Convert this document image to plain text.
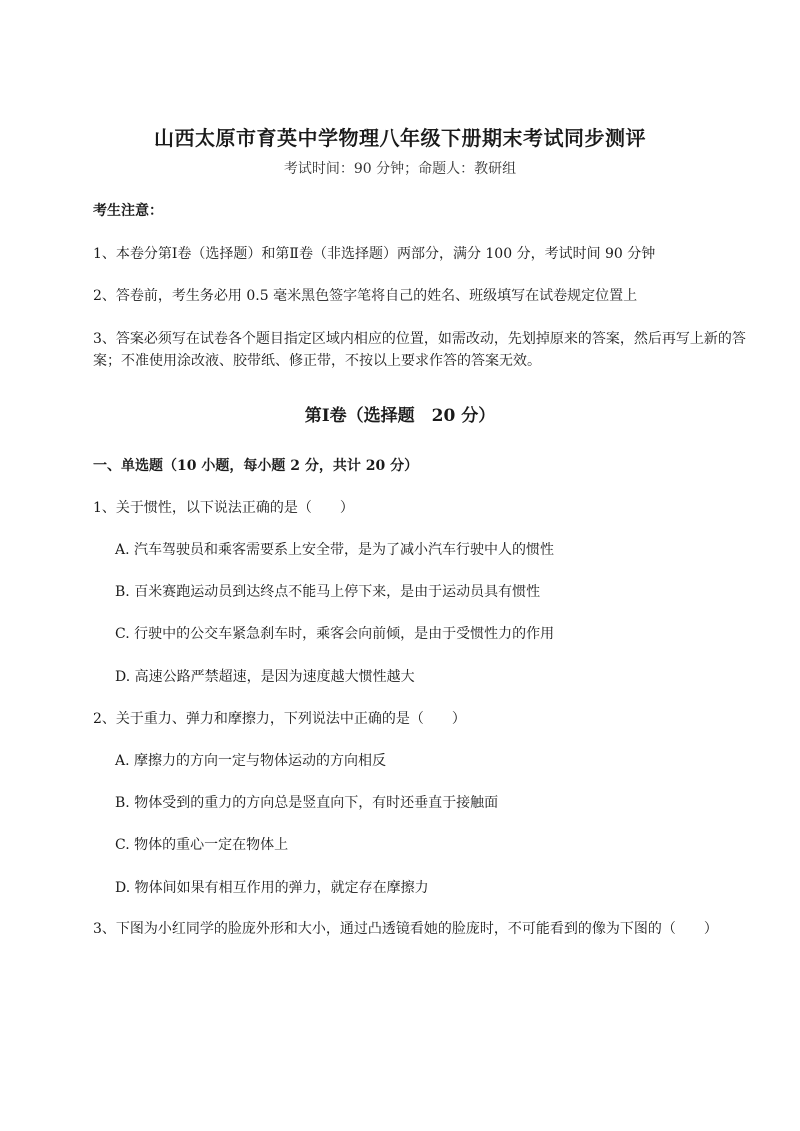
山西太原市育英中学物理八年级下册期末考试同步测评
考试时间：90 分钟；命题人：教研组
考生注意：
1、本卷分第Ⅰ卷（选择题）和第Ⅱ卷（非选择题）两部分，满分 100 分，考试时间 90 分钟
2、答卷前，考生务必用 0.5 毫米黑色签字笔将自己的姓名、班级填写在试卷规定位置上
3、答案必须写在试卷各个题目指定区域内相应的位置，如需改动，先划掉原来的答案，然后再写上新的答案；不准使用涂改液、胶带纸、修正带，不按以上要求作答的答案无效。
第Ⅰ卷（选择题　20 分）
一、单选题（10 小题，每小题 2 分，共计 20 分）
1、关于惯性，以下说法正确的是（　　）
A. 汽车驾驶员和乘客需要系上安全带，是为了减小汽车行驶中人的惯性
B. 百米赛跑运动员到达终点不能马上停下来，是由于运动员具有惯性
C. 行驶中的公交车紧急刹车时，乘客会向前倾，是由于受惯性力的作用
D. 高速公路严禁超速，是因为速度越大惯性越大
2、关于重力、弹力和摩擦力，下列说法中正确的是（　　）
A. 摩擦力的方向一定与物体运动的方向相反
B. 物体受到的重力的方向总是竖直向下，有时还垂直于接触面
C. 物体的重心一定在物体上
D. 物体间如果有相互作用的弹力，就定存在摩擦力
3、下图为小红同学的脸庞外形和大小，通过凸透镜看她的脸庞时，不可能看到的像为下图的（　　）
